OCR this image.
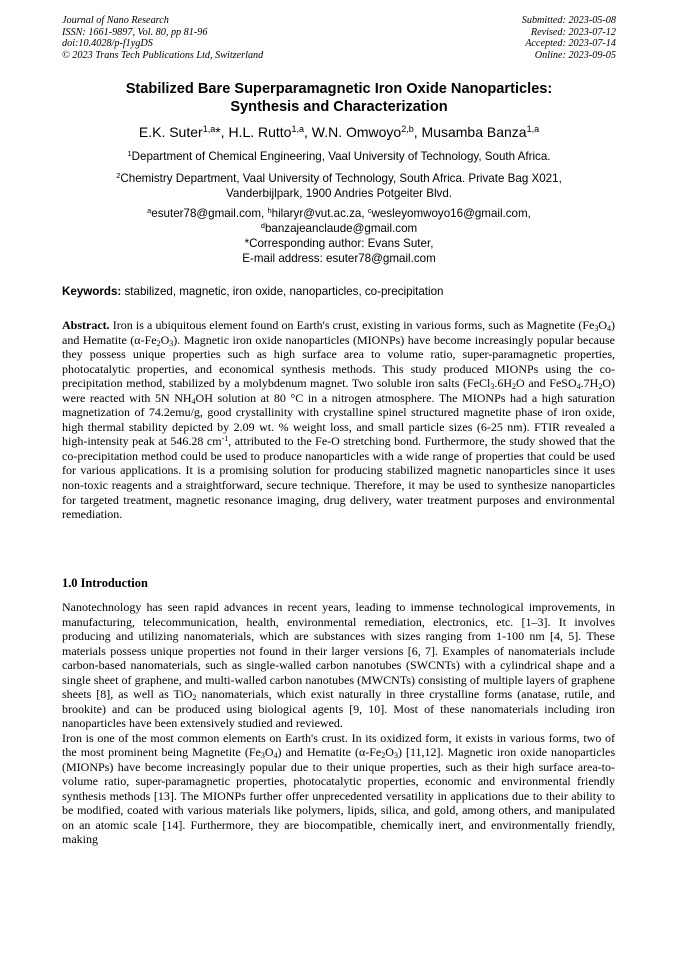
Journal of Nano Research
ISSN: 1661-9897, Vol. 80, pp 81-96
doi:10.4028/p-f1ygDS
© 2023 Trans Tech Publications Ltd, Switzerland
Submitted: 2023-05-08
Revised: 2023-07-12
Accepted: 2023-07-14
Online: 2023-09-05
Stabilized Bare Superparamagnetic Iron Oxide Nanoparticles:
Synthesis and Characterization
E.K. Suter$^{1,a}$*, H.L. Rutto$^{1,a}$, W.N. Omwoyo$^{2,b}$, Musamba Banza$^{1,a}$
$^1$Department of Chemical Engineering, Vaal University of Technology, South Africa.
$^2$Chemistry Department, Vaal University of Technology, South Africa. Private Bag X021,
Vanderbijlpark, 1900 Andries Potgeiter Blvd.
$^a$esuter78@gmail.com, $^h$hilaryr@vut.ac.za, $^c$wesleyomwoyo16@gmail.com,
$^d$banzajeanclaude@gmail.com
*Corresponding author: Evans Suter,
E-mail address: esuter78@gmail.com
Keywords: stabilized, magnetic, iron oxide, nanoparticles, co-precipitation
Abstract. Iron is a ubiquitous element found on Earth's crust, existing in various forms, such as Magnetite $(Fe_3O_4)$ and Hematite $(\alpha-Fe_2O_3)$. Magnetic iron oxide nanoparticles (MIONPs) have become increasingly popular because they possess unique properties such as high surface area to volume ratio, super-paramagnetic properties, photocatalytic properties, and economical synthesis methods. This study produced MIONPs using the co-precipitation method, stabilized by a molybdenum magnet. Two soluble iron salts ($FeCl_3.6H_2O$ and $FeSO_4.7H_2O$) were reacted with 5N $NH_4OH$ solution at 80 °C in a nitrogen atmosphere. The MIONPs had a high saturation magnetization of 74.2emu/g, good crystallinity with crystalline spinel structured magnetite phase of iron oxide, high thermal stability depicted by 2.09 wt. % weight loss, and small particle sizes (6-25 nm). FTIR revealed a high-intensity peak at 546.28 $cm^{-1}$, attributed to the Fe-O stretching bond. Furthermore, the study showed that the co-precipitation method could be used to produce nanoparticles with a wide range of properties that could be used for various applications. It is a promising solution for producing stabilized magnetic nanoparticles since it uses non-toxic reagents and a straightforward, secure technique. Therefore, it may be used to synthesize nanoparticles for targeted treatment, magnetic resonance imaging, drug delivery, water treatment purposes and environmental remediation.
1.0 Introduction

Nanotechnology has seen rapid advances in recent years, leading to immense technological improvements, in manufacturing, telecommunication, health, environmental remediation, electronics, etc. [1–3]. It involves producing and utilizing nanomaterials, which are substances with sizes ranging from 1-100 nm [4, 5]. These materials possess unique properties not found in their larger versions [6, 7]. Examples of nanomaterials include carbon-based nanomaterials, such as single-walled carbon nanotubes (SWCNTs) with a cylindrical shape and a single sheet of graphene, and multi-walled carbon nanotubes (MWCNTs) consisting of multiple layers of graphene sheets [8], as well as TiO$_2$ nanomaterials, which exist naturally in three crystalline forms (anatase, rutile, and brookite) and can be produced using biological agents [9, 10]. Most of these nanomaterials including iron nanoparticles have been extensively studied and reviewed.

Iron is one of the most common elements on Earth's crust. In its oxidized form, it exists in various forms, two of the most prominent being Magnetite $(Fe_3O_4)$ and Hematite $(\alpha-Fe_2O_3)$ [11,12]. Magnetic iron oxide nanoparticles (MIONPs) have become increasingly popular due to their unique properties, such as their high surface area-to-volume ratio, super-paramagnetic properties, photocatalytic properties, economic and environmental friendly synthesis methods [13]. The MIONPs further offer unprecedented versatility in applications due to their ability to be modified, coated with various materials like polymers, lipids, silica, and gold, among others, and manipulated on an atomic scale [14]. Furthermore, they are biocompatible, chemically inert, and environmentally friendly, making
